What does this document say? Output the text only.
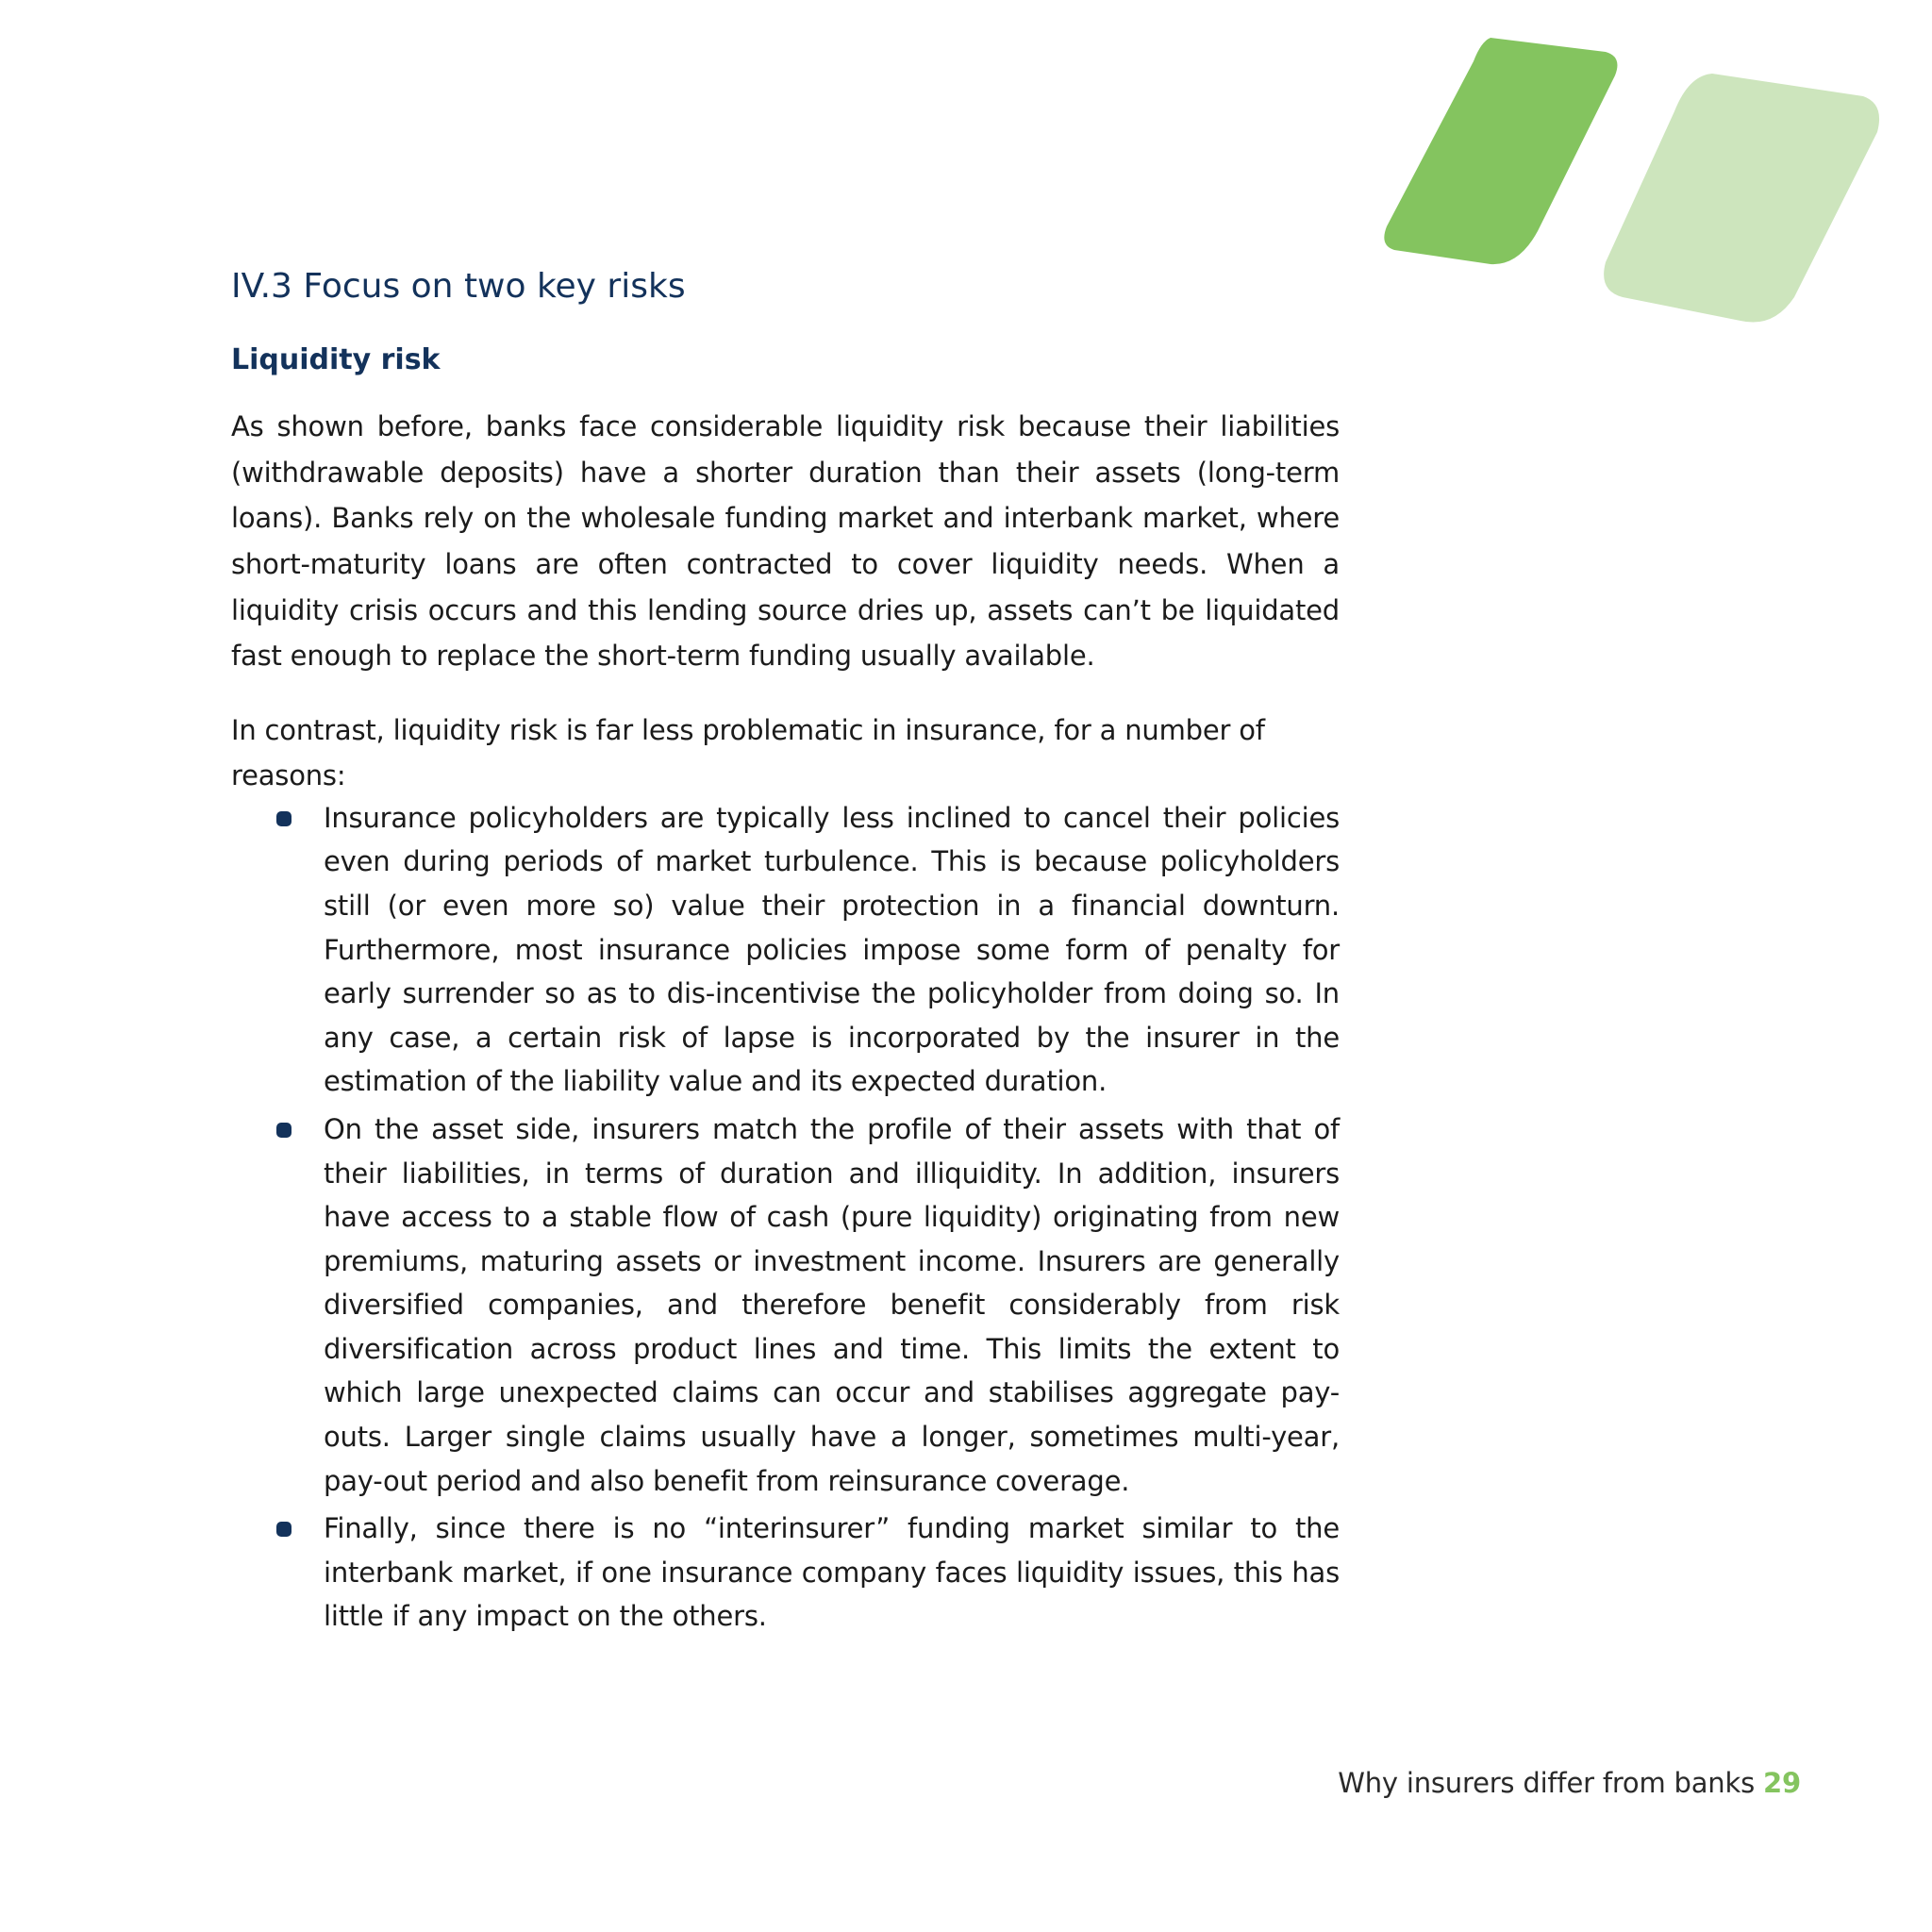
IV.3 Focus on two key risks
Liquidity risk

As shown before, banks face considerable liquidity risk because their liabilities (withdrawable deposits) have a shorter duration than their assets (long-term loans). Banks rely on the wholesale funding market and interbank market, where short-maturity loans are often contracted to cover liquidity needs. When a liquidity crisis occurs and this lending source dries up, assets can’t be liquidated fast enough to replace the short-term funding usually available.

In contrast, liquidity risk is far less problematic in insurance, for a number of reasons:

Insurance policyholders are typically less inclined to cancel their policies even during periods of market turbulence. This is because policyholders still (or even more so) value their protection in a financial downturn. Furthermore, most insurance policies impose some form of penalty for early surrender so as to dis-incentivise the policyholder from doing so. In any case, a certain risk of lapse is incorporated by the insurer in the estimation of the liability value and its expected duration.
On the asset side, insurers match the profile of their assets with that of their liabilities, in terms of duration and illiquidity. In addition, insurers have access to a stable flow of cash (pure liquidity) originating from new premiums, maturing assets or investment income. Insurers are generally diversified companies, and therefore benefit considerably from risk diversification across product lines and time. This limits the extent to which large unexpected claims can occur and stabilises aggregate pay-outs. Larger single claims usually have a longer, sometimes multi-year, pay-out period and also benefit from reinsurance coverage.
Finally, since there is no “interinsurer” funding market similar to the interbank market, if one insurance company faces liquidity issues, this has little if any impact on the others.
Why insurers differ from banks 29
